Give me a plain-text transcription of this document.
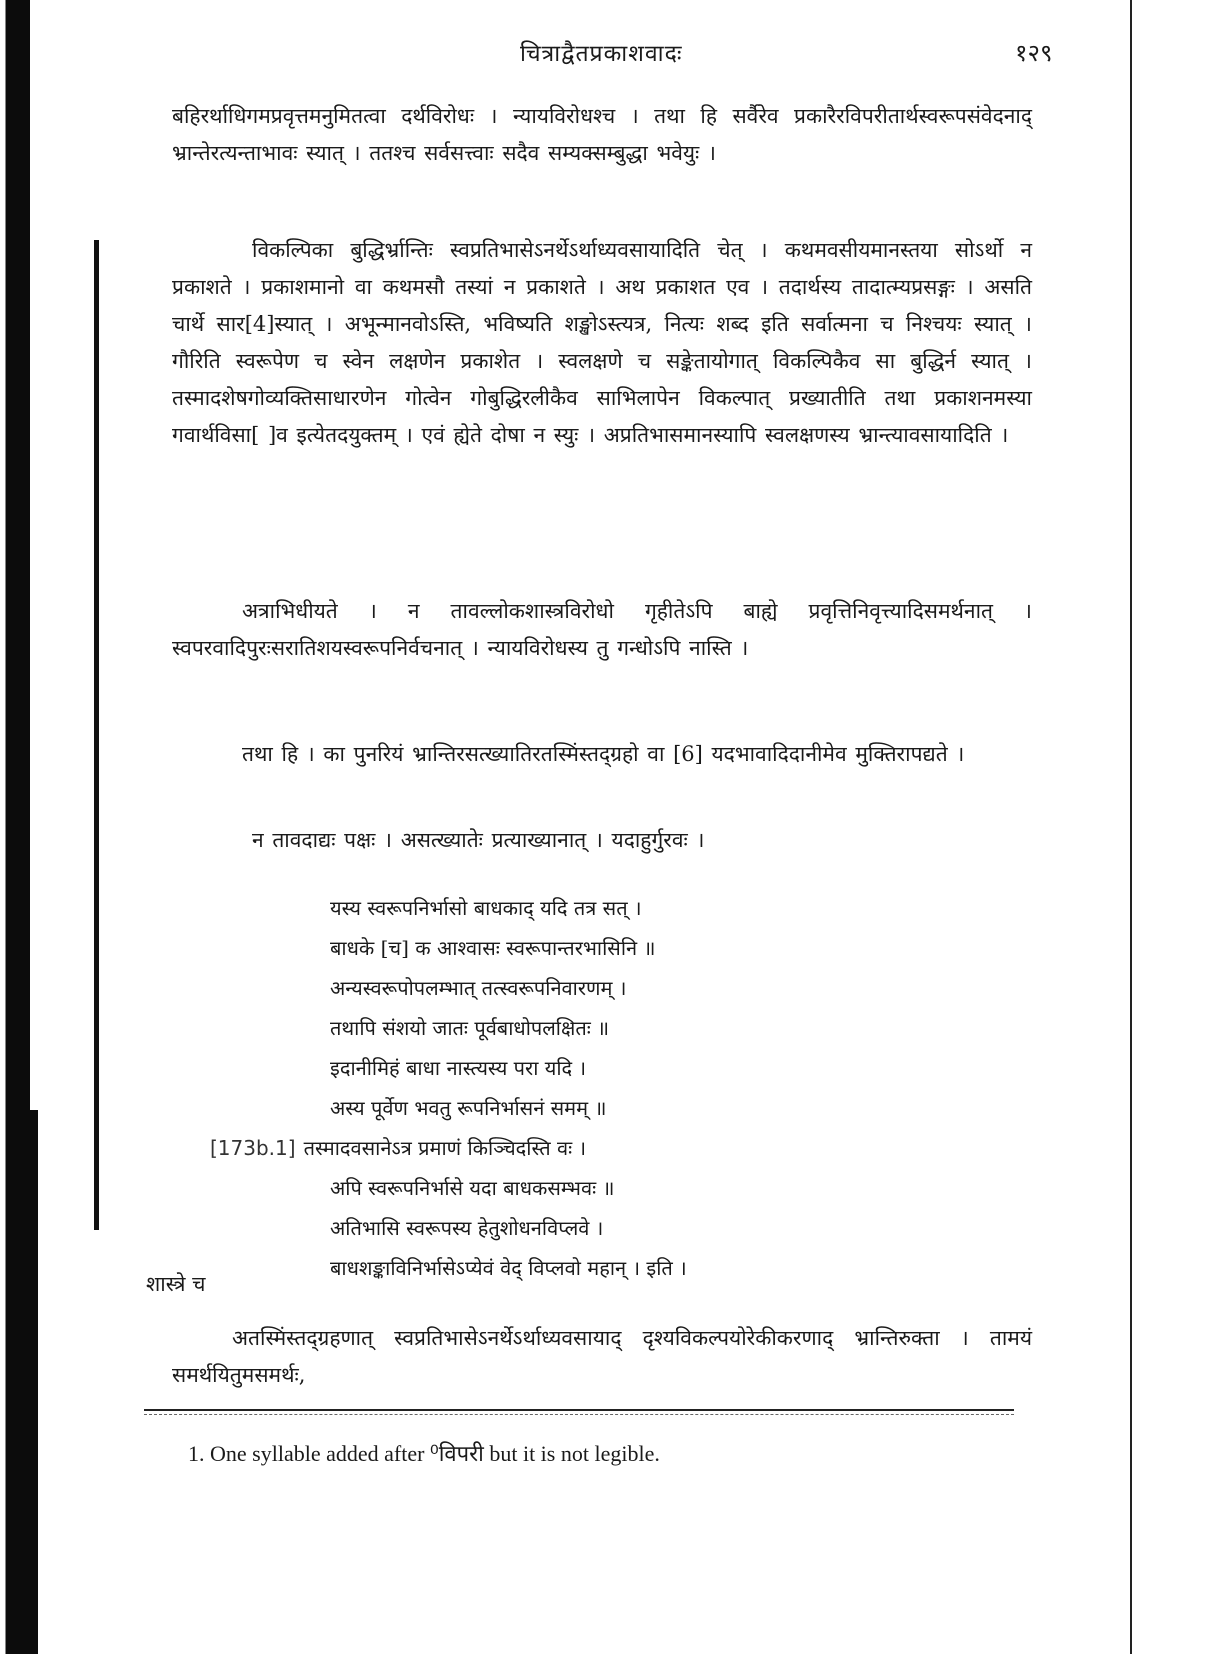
चित्राद्वैतप्रकाशवादः	१२९

बहिरर्थाधिगमप्रवृत्तमनुमितत्वा दर्थविरोधः । न्यायविरोधश्च । तथा हि सर्वैरेव प्रकारैरविपरीतार्थस्वरूपसंवेदनाद् भ्रान्तेरत्यन्ताभावः स्यात् । ततश्च सर्वसत्त्वाः सदैव सम्यक्सम्बुद्धा भवेयुः ।

विकल्पिका बुद्धिर्भ्रान्तिः स्वप्रतिभासेऽनर्थेऽर्थाध्यवसायादिति चेत् । कथमवसीयमानस्तया सोऽर्थो न प्रकाशते । प्रकाशमानो वा कथमसौ तस्यां न प्रकाशते । अथ प्रकाशत एव । तदार्थस्य तादात्म्यप्रसङ्गः । असति चार्थे सार[4]स्यात् । अभून्मानवोऽस्ति, भविष्यति शङ्खोऽस्त्यत्र, नित्यः शब्द इति सर्वात्मना च निश्चयः स्यात् । गौरिति स्वरूपेण च स्वेन लक्षणेन प्रकाशेत । स्वलक्षणे च सङ्केतायोगात् विकल्पिकैव सा बुद्धिर्न स्यात् । तस्मादशेषगोव्यक्तिसाधारणेन गोत्वेन गोबुद्धिरलीकैव साभिलापेन विकल्पात् प्रख्यातीति तथा प्रकाशनमस्या गवार्थविसा[ ]व इत्येतदयुक्तम् । एवं ह्येते दोषा न स्युः । अप्रतिभासमानस्यापि स्वलक्षणस्य भ्रान्त्यावसायादिति ।

अत्राभिधीयते । न तावल्लोकशास्त्रविरोधो गृहीतेऽपि बाह्ये प्रवृत्तिनिवृत्त्यादिसमर्थनात् । स्वपरवादिपुरःसरातिशयस्वरूपनिर्वचनात् । न्यायविरोधस्य तु गन्धोऽपि नास्ति ।

तथा हि । का पुनरियं भ्रान्तिरसत्ख्यातिरतस्मिंस्तद्ग्रहो वा [6] यदभावादिदानीमेव मुक्तिरापद्यते ।

न तावदाद्यः पक्षः । असत्ख्यातेः प्रत्याख्यानात् । यदाहुर्गुरवः ।

यस्य स्वरूपनिर्भासो बाधकाद् यदि तत्र सत् ।
बाधके [च] क आश्वासः स्वरूपान्तरभासिनि ॥
अन्यस्वरूपोपलम्भात् तत्स्वरूपनिवारणम् ।
तथापि संशयो जातः पूर्वबाधोपलक्षितः ॥
इदानीमिहं बाधा नास्त्यस्य परा यदि ।
अस्य पूर्वेण भवतु रूपनिर्भासनं समम् ॥
[173b.1] तस्मादवसानेऽत्र प्रमाणं किञ्चिदस्ति वः ।
अपि स्वरूपनिर्भासे यदा बाधकसम्भवः ॥
अतिभासि स्वरूपस्य हेतुशोधनविप्लवे ।
बाधशङ्काविनिर्भासेऽप्येवं वेद् विप्लवो महान् । इति ।
शास्त्रे च

अतस्मिंस्तद्ग्रहणात् स्वप्रतिभासेऽनर्थेऽर्थाध्यवसायाद् दृश्यविकल्पयोरेकीकरणाद् भ्रान्तिरुक्ता । तामयं समर्थयितुमसमर्थः,

1. One syllable added after ⁰विपरी but it is not legible.
